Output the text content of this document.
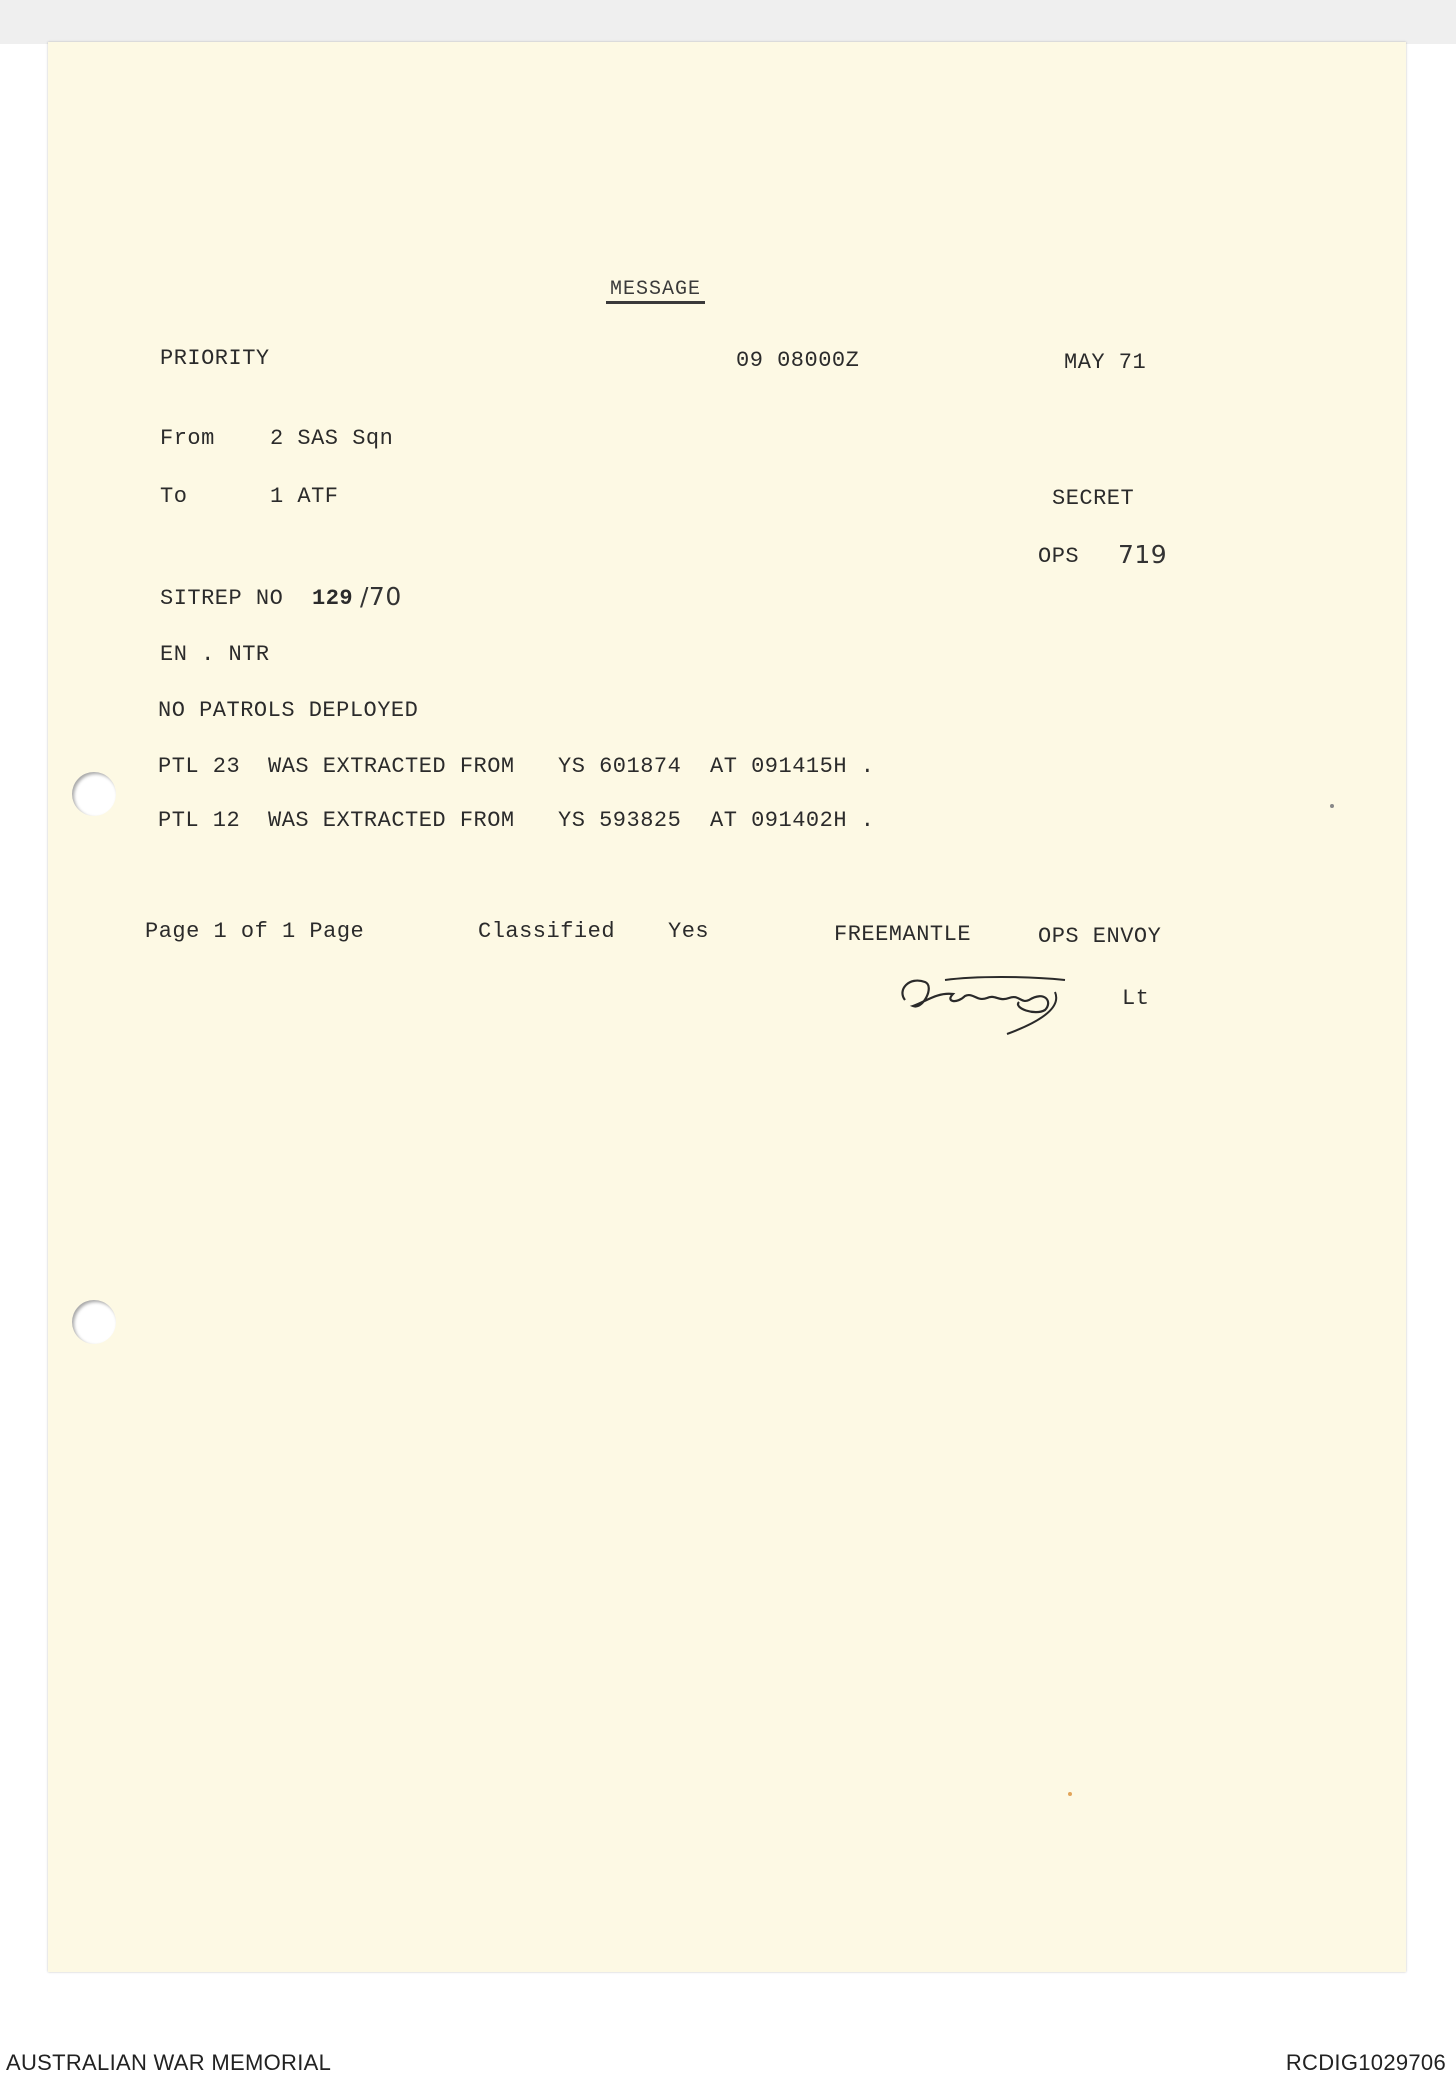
MESSAGE
PRIORITY	09 08000Z	MAY 71
From	2 SAS Sqn
To	1 ATF	SECRET
OPS 719
SITREP NO 129 /70
EN . NTR
NO PATROLS DEPLOYED
PTL 23 WAS EXTRACTED FROM YS 601874 AT 091415H .
PTL 12 WAS EXTRACTED FROM YS 593825 AT 091402H .
Page 1 of 1 Page	Classified Yes	FREEMANTLE	OPS ENVOY
Lt
AUSTRALIAN WAR MEMORIAL	RCDIG1029706
